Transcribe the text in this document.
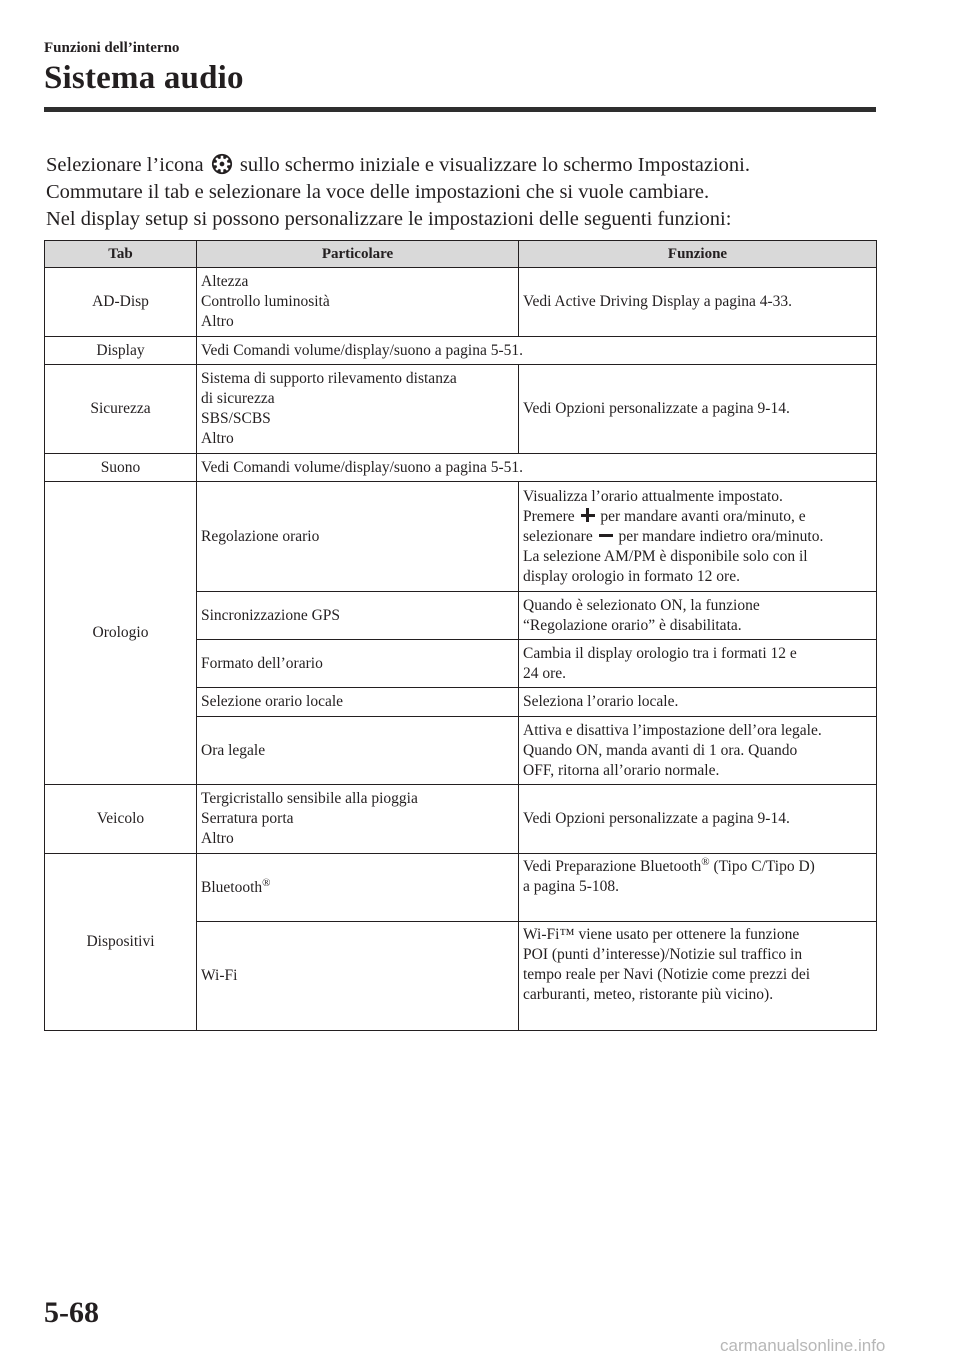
Funzioni dell’interno
Sistema audio

Selezionare l’icona sullo schermo iniziale e visualizzare lo schermo Impostazioni.

Commutare il tab e selezionare la voce delle impostazioni che si vuole cambiare.

Nel display setup si possono personalizzare le impostazioni delle seguenti funzioni:

Tab	Particolare	Funzione
AD-Disp	Altezza
Controllo luminosità
Altro	Vedi Active Driving Display a pagina 4-33.
Display	Vedi Comandi volume/display/suono a pagina 5-51.	
Sicurezza	Sistema di supporto rilevamento distanza
di sicurezza
SBS/SCBS
Altro	Vedi Opzioni personalizzate a pagina 9-14.
Suono	Vedi Comandi volume/display/suono a pagina 5-51.	
Orologio	Regolazione orario	Visualizza l’orario attualmente impostato.
Premere per mandare avanti ora/minuto, e
selezionare per mandare indietro ora/minuto.
La selezione AM/PM è disponibile solo con il
display orologio in formato 12 ore.

	Sincronizzazione GPS	Quando è selezionato ON, la funzione
“Regolazione orario” è disabilitata.

	Formato dell’orario	Cambia il display orologio tra i formati 12 e
24 ore.

	Selezione orario locale	Seleziona l’orario locale.
	Ora legale	Attiva e disattiva l’impostazione dell’ora legale.
Quando ON, manda avanti di 1 ora. Quando
OFF, ritorna all’orario normale.

Veicolo	Tergicristallo sensibile alla pioggia
Serratura porta
Altro	Vedi Opzioni personalizzate a pagina 9-14.
Dispositivi	Bluetooth®	Vedi Preparazione Bluetooth® (Tipo C/Tipo D)
a pagina 5-108.

	Wi-Fi	Wi-Fi™ viene usato per ottenere la funzione
POI (punti d’interesse)/Notizie sul traffico in
tempo reale per Navi (Notizie come prezzi dei
carburanti, meteo, ristorante più vicino).
5-68
carmanualsonline.info
